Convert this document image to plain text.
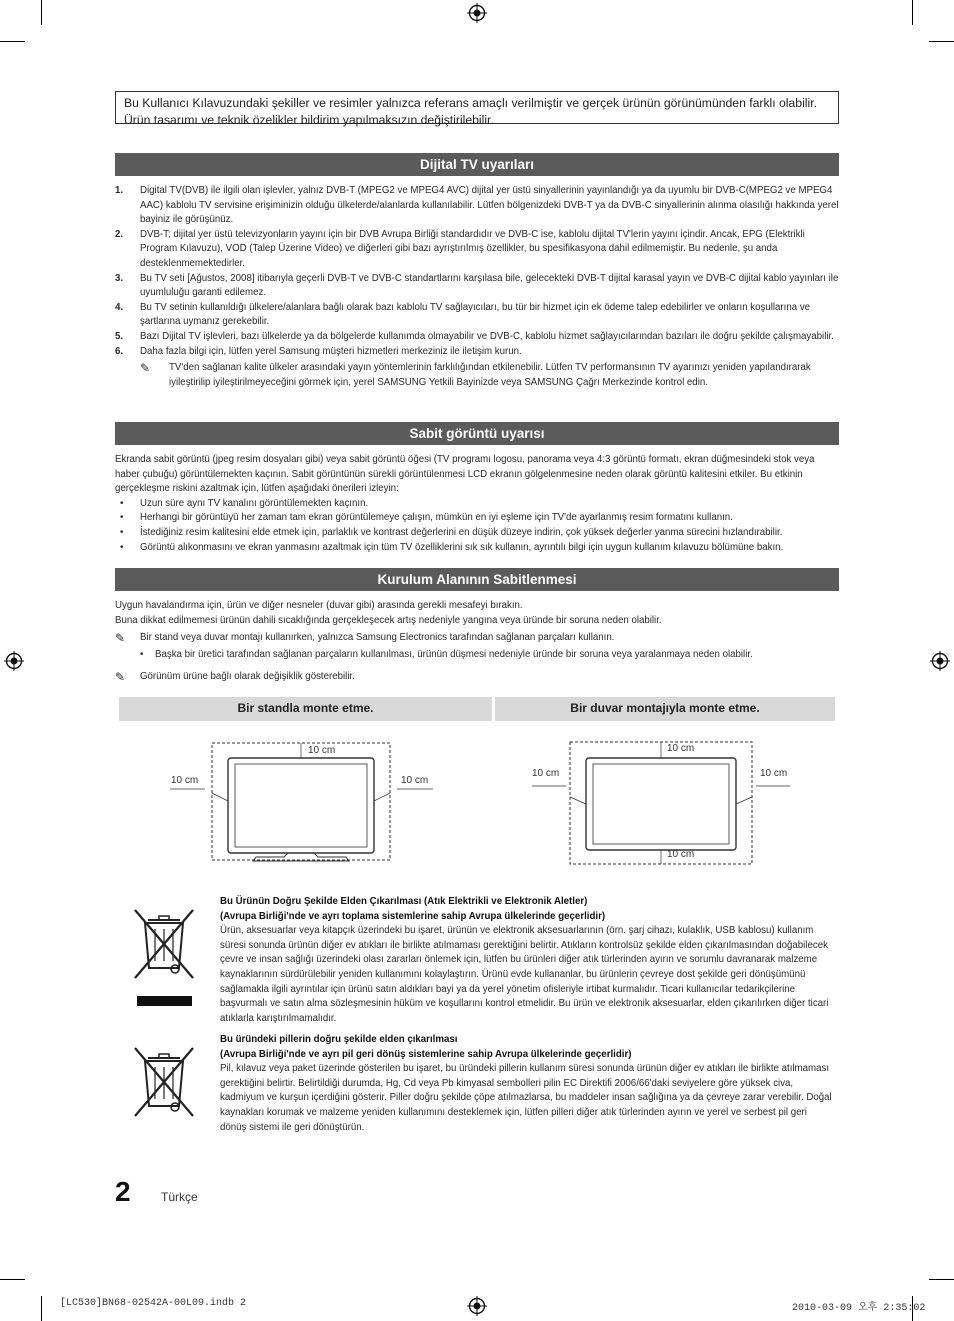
Bu Kullanıcı Kılavuzundaki şekiller ve resimler yalnızca referans amaçlı verilmiştir ve gerçek ürünün görünümünden farklı olabilir. Ürün tasarımı ve teknik özelikler bildirim yapılmaksızın değiştirilebilir.
Dijital TV uyarıları
1. Digital TV(DVB) ile ilgili olan işlevler, yalnız DVB-T (MPEG2 ve MPEG4 AVC) dijital yer üstü sinyallerinin yayınlandığı ya da uyumlu bir DVB-C(MPEG2 ve MPEG4 AAC) kablolu TV servisine erişiminizin olduğu ülkelerde/alanlarda kullanılabilir. Lütfen bölgenizdeki DVB-T ya da DVB-C sinyallerinin alınma olasılığı hakkında yerel bayiniz ile görüşünüz.
2. DVB-T; dijital yer üstü televizyonların yayını için bir DVB Avrupa Birliği standardıdır ve DVB-C ise, kablolu dijital TV'lerin yayını içindir. Ancak, EPG (Elektrikli Program Kılavuzu), VOD (Talep Üzerine Video) ve diğerleri gibi bazı ayrıştırılmış özellikler, bu spesifikasyona dahil edilmemiştir. Bu nedenle, şu anda desteklenmemektedirler.
3. Bu TV seti [Ağustos, 2008] itibarıyla geçerli DVB-T ve DVB-C standartlarını karşılasa bile, gelecekteki DVB-T dijital karasal yayın ve DVB-C dijital kablo yayınları ile uyumluluğu garanti edilemez.
4. Bu TV setinin kullanıldığı ülkelere/alanlara bağlı olarak bazı kablolu TV sağlayıcıları, bu tür bir hizmet için ek ödeme talep edebilirler ve onların koşullarına ve şartlarına uymanız gerekebilir.
5. Bazı Dijital TV işlevleri, bazı ülkelerde ya da bölgelerde kullanımda olmayabilir ve DVB-C, kablolu hizmet sağlayıcılarından bazıları ile doğru şekilde çalışmayabilir.
6. Daha fazla bilgi için, lütfen yerel Samsung müşteri hizmetleri merkeziniz ile iletişim kurun.
✎ TV'den sağlanan kalite ülkeler arasındaki yayın yöntemlerinin farklılığından etkilenebilir. Lütfen TV performansının TV ayarınızı yeniden yapılandırarak iyileştirilip iyileştirilmeyeceğini görmek için, yerel SAMSUNG Yetkili Bayinizde veya SAMSUNG Çağrı Merkezinde kontrol edin.
Sabit görüntü uyarısı
Ekranda sabit görüntü (jpeg resim dosyaları gibi) veya sabit görüntü öğesi (TV programı logosu, panorama veya 4:3 görüntü formatı, ekran düğmesindeki stok veya haber çubuğu) görüntülemekten kaçının. Sabit görüntünün sürekli görüntülenmesi LCD ekranın gölgelenmesine neden olarak görüntü kalitesini etkiler. Bu etkinin gerçekleşme riskini azaltmak için, lütfen aşağıdaki önerileri izleyin:
• Uzun süre aynı TV kanalını görüntülemekten kaçının.
• Herhangi bir görüntüyü her zaman tam ekran görüntülemeye çalışın, mümkün en iyi eşleme için TV'de ayarlanmış resim formatını kullanın.
• İstediğiniz resim kalitesini elde etmek için, parlaklık ve kontrast değerlerini en düşük düzeye indirin, çok yüksek değerler yanma sürecini hızlandırabilir.
• Görüntü alıkonmasını ve ekran yanmasını azaltmak için tüm TV özelliklerini sık sık kullanın, ayrıntılı bilgi için uygun kullanım kılavuzu bölümüne bakın.
Kurulum Alanının Sabitlenmesi
Uygun havalandırma için, ürün ve diğer nesneler (duvar gibi) arasında gerekli mesafeyi bırakın.
Buna dikkat edilmemesi ürünün dahili sıcaklığında gerçekleşecek artış nedeniyle yangına veya üründe bir soruna neden olabilir.
✎ Bir stand veya duvar montajı kullanırken, yalnızca Samsung Electronics tarafından sağlanan parçaları kullanın.
• Başka bir üretici tarafından sağlanan parçaların kullanılması, ürünün düşmesi nedeniyle üründe bir soruna veya yaralanmaya neden olabilir.
✎ Görünüm ürüne bağlı olarak değişiklik gösterebilir.
Bir standla monte etme.	Bir duvar montajıyla monte etme.
10 cm
10 cm	10 cm
10 cm
10 cm
10 cm	10 cm
Bu Ürünün Doğru Şekilde Elden Çıkarılması (Atık Elektrikli ve Elektronik Aletler)
(Avrupa Birliği'nde ve ayrı toplama sistemlerine sahip Avrupa ülkelerinde geçerlidir)
Ürün, aksesuarlar veya kitapçık üzerindeki bu işaret, ürünün ve elektronik aksesuarlarının (örn. şarj cihazı, kulaklık, USB kablosu) kullanım süresi sonunda ürünün diğer ev atıkları ile birlikte atılmaması gerektiğini belirtir. Atıkların kontrolsüz şekilde elden çıkarılmasından doğabilecek çevre ve insan sağlığı üzerindeki olası zararları önlemek için, lütfen bu ürünleri diğer atık türlerinden ayırın ve sorumlu davranarak malzeme kaynaklarının sürdürülebilir yeniden kullanımını kolaylaştırın. Ürünü evde kullananlar, bu ürünlerin çevreye dost şekilde geri dönüşümünü sağlamakla ilgili ayrıntılar için ürünü satın aldıkları bayi ya da yerel yönetim ofisleriyle irtibat kurmalıdır. Ticari kullanıcılar tedarikçilerine başvurmalı ve satın alma sözleşmesinin hüküm ve koşullarını kontrol etmelidir. Bu ürün ve elektronik aksesuarlar, elden çıkarılırken diğer ticari atıklarla karıştırılmamalıdır.
Bu üründeki pillerin doğru şekilde elden çıkarılması
(Avrupa Birliği'nde ve ayrı pil geri dönüş sistemlerine sahip Avrupa ülkelerinde geçerlidir)
Pil, kılavuz veya paket üzerinde gösterilen bu işaret, bu üründeki pillerin kullanım süresi sonunda ürünün diğer ev atıkları ile birlikte atılmaması gerektiğini belirtir. Belirtildiği durumda, Hg, Cd veya Pb kimyasal sembolleri pilin EC Direktifi 2006/66'daki seviyelere göre yüksek civa, kadmiyum ve kurşun içerdiğini gösterir. Piller doğru şekilde çöpe atılmazlarsa, bu maddeler insan sağlığına ya da çevreye zarar verebilir. Doğal kaynakları korumak ve malzeme yeniden kullanımını desteklemek için, lütfen pilleri diğer atık türlerinden ayırın ve yerel ve serbest pil geri dönüş sistemi ile geri dönüştürün.
2	Türkçe
[LC530]BN68-02542A-00L09.indb 2	2010-03-09 오후 2:35:02
